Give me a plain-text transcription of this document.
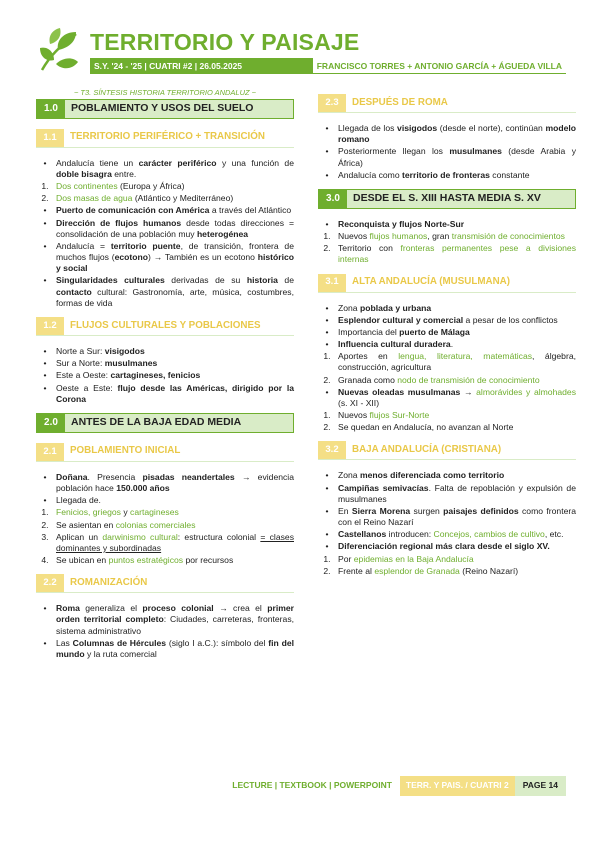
TERRITORIO Y PAISAJE
S.Y. '24 - '25 | CUATRI #2 | 26.05.2025	FRANCISCO TORRES + ANTONIO GARCÍA + ÁGUEDA VILLA
~ T3. SÍNTESIS HISTORIA TERRITORIO ANDALUZ ~
1.0	POBLAMIENTO Y USOS DEL SUELO
1.1	TERRITORIO PERIFÉRICO + TRANSICIÓN
•	Andalucía tiene un carácter periférico y una función de doble bisagra entre.
1. Dos continentes (Europa y África)
2. Dos masas de agua (Atlántico y Mediterráneo)
•	Puerto de comunicación con América a través del Atlántico
•	Dirección de flujos humanos desde todas direcciones = consolidación de una población muy heterogénea
•	Andalucía = territorio puente, de transición, frontera de muchos flujos (ecotono) → También es un ecotono histórico y social
•	Singularidades culturales derivadas de su historia de contacto cultural: Gastronomía, arte, música, costumbres, formas de vida
1.2	FLUJOS CULTURALES Y POBLACIONES
•	Norte a Sur: visigodos
•	Sur a Norte: musulmanes
•	Este a Oeste: cartagineses, fenicios
•	Oeste a Este: flujo desde las Américas, dirigido por la Corona
2.0	ANTES DE LA BAJA EDAD MEDIA
2.1	POBLAMIENTO INICIAL
•	Doñana. Presencia pisadas neandertales → evidencia población hace 150.000 años
•	Llegada de.
1. Fenicios, griegos y cartagineses
2. Se asientan en colonias comerciales
3. Aplican un darwinismo cultural: estructura colonial = clases dominantes y subordinadas
4. Se ubican en puntos estratégicos por recursos
2.2	ROMANIZACIÓN
•	Roma generaliza el proceso colonial → crea el primer orden territorial completo: Ciudades, carreteras, fronteras, sistema administrativo
•	Las Columnas de Hércules (siglo I a.C.): símbolo del fin del mundo y la ruta comercial
2.3	DESPUÉS DE ROMA
•	Llegada de los visigodos (desde el norte), continúan modelo romano
•	Posteriormente llegan los musulmanes (desde Arabia y África)
•	Andalucía como territorio de fronteras constante
3.0	DESDE EL S. XIII HASTA MEDIA S. XV
•	Reconquista y flujos Norte-Sur
1. Nuevos flujos humanos, gran transmisión de conocimientos
2. Territorio con fronteras permanentes pese a divisiones internas
3.1	ALTA ANDALUCÍA (MUSULMANA)
•	Zona poblada y urbana
•	Esplendor cultural y comercial a pesar de los conflictos
•	Importancia del puerto de Málaga
•	Influencia cultural duradera.
1. Aportes en lengua, literatura, matemáticas, álgebra, construcción, agricultura
2. Granada como nodo de transmisión de conocimiento
•	Nuevas oleadas musulmanas → almorávides y almohades (s. XI - XII)
1. Nuevos flujos Sur-Norte
2. Se quedan en Andalucía, no avanzan al Norte
3.2	BAJA ANDALUCÍA (CRISTIANA)
•	Zona menos diferenciada como territorio
•	Campiñas semivacías. Falta de repoblación y expulsión de musulmanes
•	En Sierra Morena surgen paisajes definidos como frontera con el Reino Nazarí
•	Castellanos introducen: Concejos, cambios de cultivo, etc.
•	Diferenciación regional más clara desde el siglo XV.
1. Por epidemias en la Baja Andalucía
2. Frente al esplendor de Granada (Reino Nazarí)
LECTURE | TEXTBOOK | POWERPOINT	TERR. Y PAIS. / CUATRI 2	PAGE 14
